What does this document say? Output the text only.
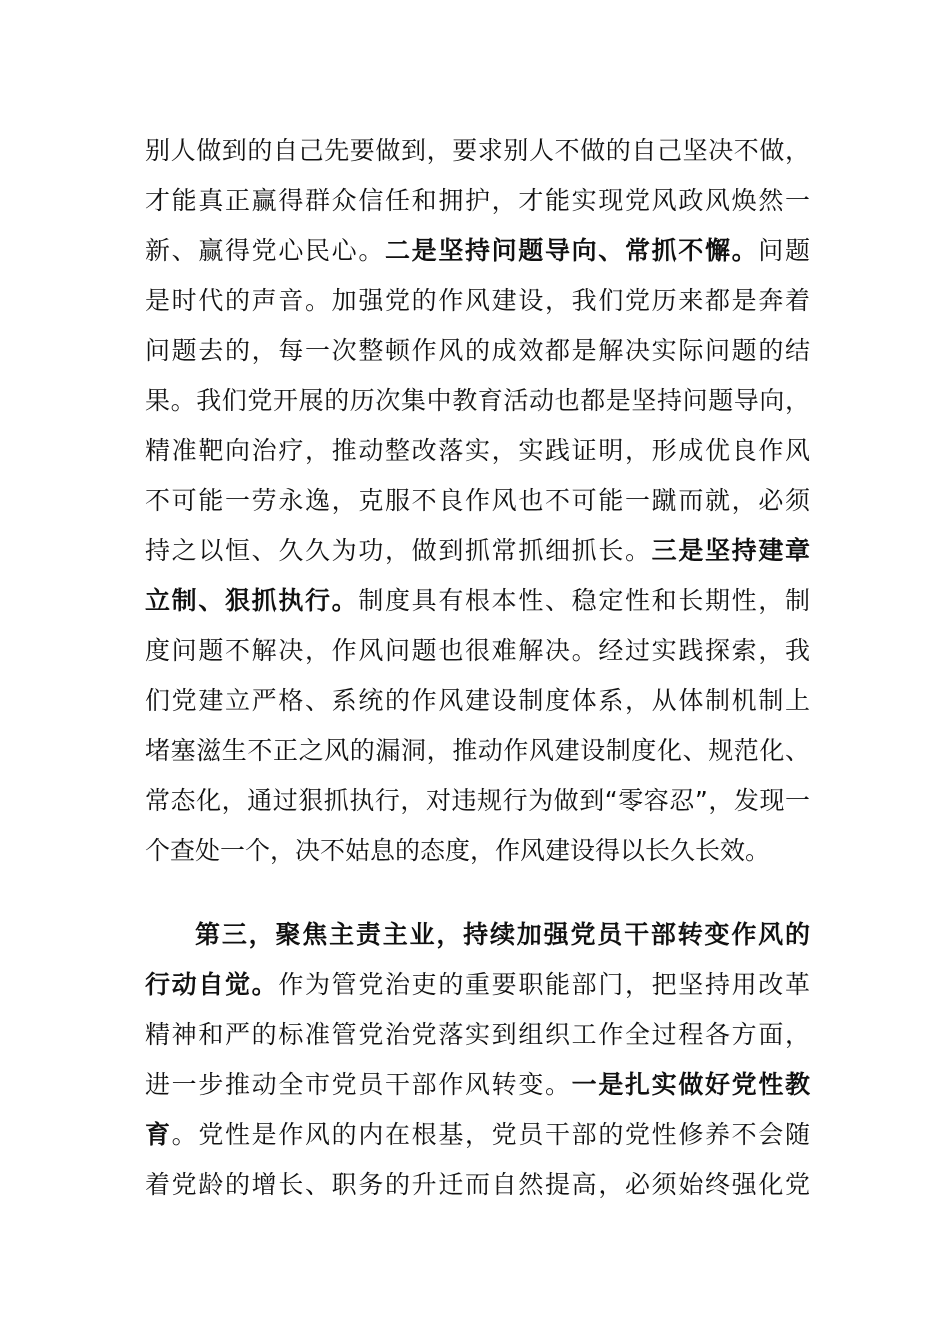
别人做到的自己先要做到，要求别人不做的自己坚决不做，
才能真正赢得群众信任和拥护，才能实现党风政风焕然一
新、赢得党心民心。 二是坚持问题导向、常抓不懈。 问题
是时代的声音。加强党的作风建设，我们党历来都是奔着
问题去的，每一次整顿作风的成效都是解决实际问题的结
果。我们党开展的历次集中教育活动也都是坚持问题导向，
精准靶向治疗，推动整改落实，实践证明，形成优良作风
不可能一劳永逸，克服不良作风也不可能一蹴而就，必须
持之以恒、久久为功，做到抓常抓细抓长。 三是坚持建章
立制、狠抓执行。 制度具有根本性、稳定性和长期性，制
度问题不解决，作风问题也很难解决。经过实践探索，我
们党建立严格、系统的作风建设制度体系，从体制机制上
堵塞滋生不正之风的漏洞，推动作风建设制度化、规范化、
常态化，通过狠抓执行，对违规行为做到“零容忍”，发现一
个查处一个，决不姑息的态度，作风建设得以长久长效。
第三，聚焦主责主业，持续加强党员干部转变作风的
行动自觉。 作为管党治吏的重要职能部门，把坚持用改革
精神和严的标准管党治党落实到组织工作全过程各方面，
进一步推动全市党员干部作风转变。 一是扎实做好党性教
育 。党性是作风的内在根基，党员干部的党性修养不会随
着党龄的增长、职务的升迁而自然提高，必须始终强化党
